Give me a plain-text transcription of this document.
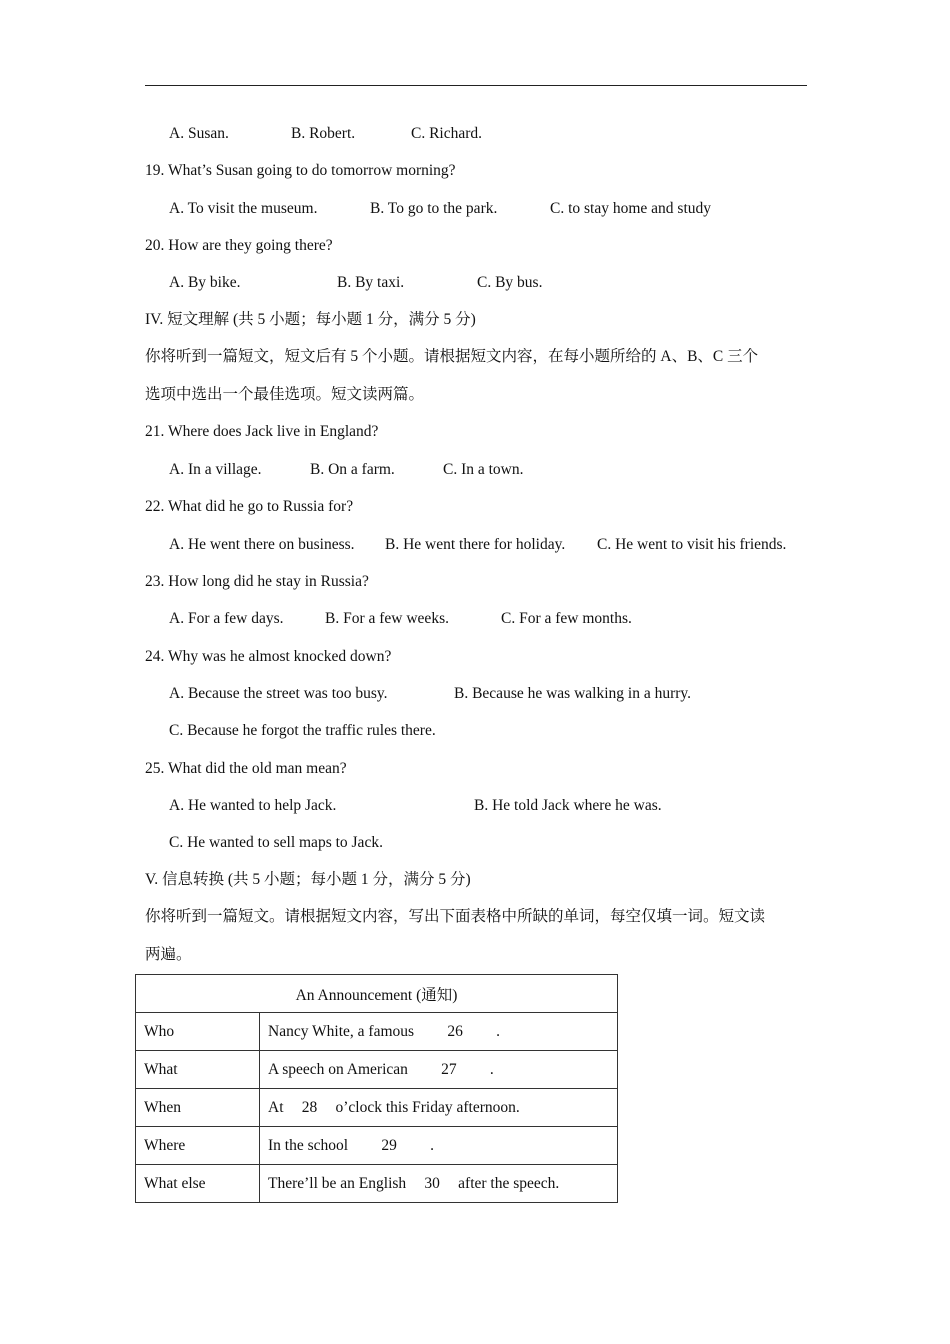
A. Susan.	B. Robert.	C. Richard.
19. What’s Susan going to do tomorrow morning?
A. To visit the museum.	B. To go to the park.	C. to stay home and study
20. How are they going there?
A. By bike.	B. By taxi.	C. By bus.
IV. 短文理解 (共 5 小题；每小题 1 分，满分 5 分)
你将听到一篇短文，短文后有 5 个小题。请根据短文内容，在每小题所给的 A、B、C 三个
选项中选出一个最佳选项。短文读两篇。
21. Where does Jack live in England?
A. In a village.	B. On a farm.	C. In a town.
22. What did he go to Russia for?
A. He went there on business. B. He went there for holiday. C. He went to visit his friends.
23. How long did he stay in Russia?
A. For a few days.	B. For a few weeks.	C. For a few months.
24. Why was he almost knocked down?
A. Because the street was too busy.	B. Because he was walking in a hurry.
C. Because he forgot the traffic rules there.
25. What did the old man mean?
A. He wanted to help Jack.	B. He told Jack where he was.
C. He wanted to sell maps to Jack.
V. 信息转换 (共 5 小题；每小题 1 分，满分 5 分)
你将听到一篇短文。请根据短文内容，写出下面表格中所缺的单词，每空仅填一词。短文读
两遍。
An Announcement (通知)	
Who	Nancy White, a famous 26 .
What	A speech on American 27 .
When	At 28 o’clock this Friday afternoon.
Where	In the school 29 .
What else	There’ll be an English 30 after the speech.
